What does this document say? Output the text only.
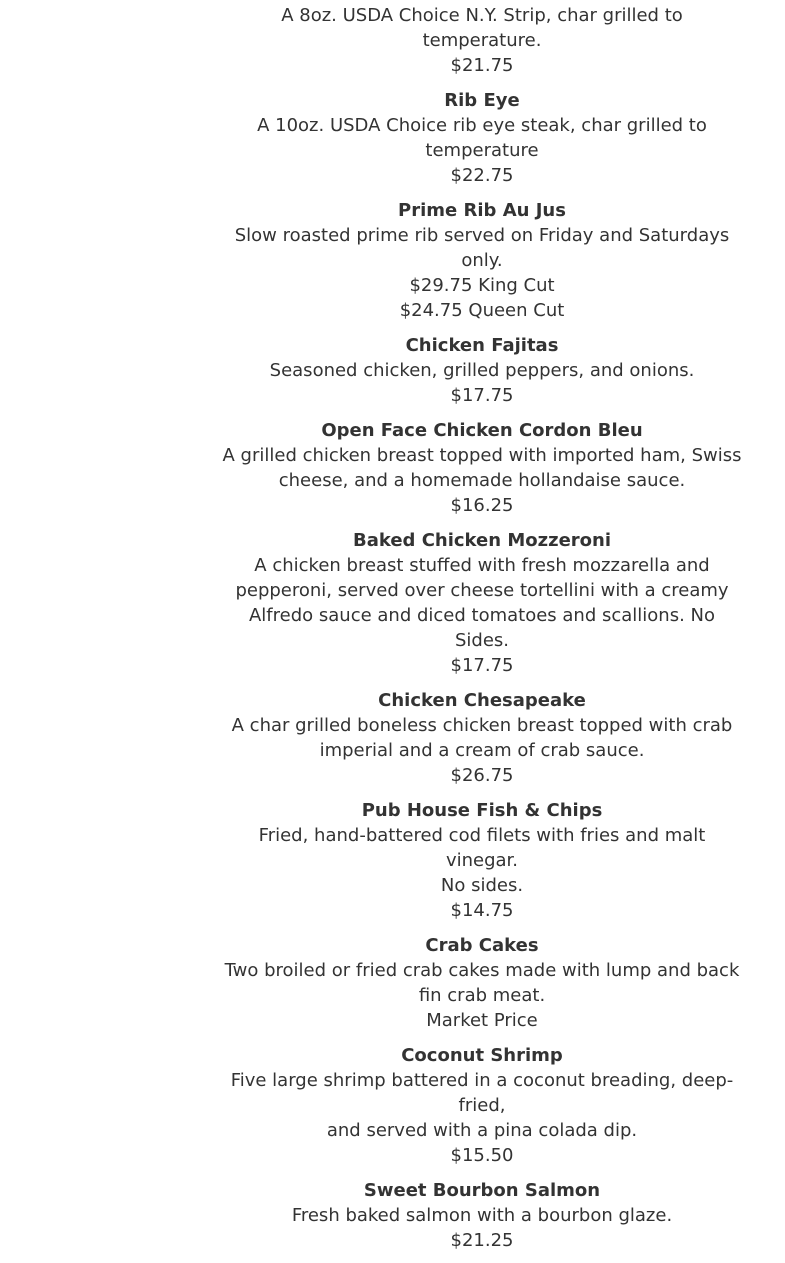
A 8oz. USDA Choice N.Y. Strip, char grilled to temperature.
$21.75
Rib Eye
A 10oz. USDA Choice rib eye steak, char grilled to
temperature
$22.75
Prime Rib Au Jus
Slow roasted prime rib served on Friday and Saturdays only.
$29.75 King Cut
$24.75 Queen Cut
Chicken Fajitas
Seasoned chicken, grilled peppers, and onions.
$17.75
Open Face Chicken Cordon Bleu
A grilled chicken breast topped with imported ham, Swiss
cheese, and a homemade hollandaise sauce.
$16.25
Baked Chicken Mozzeroni
A chicken breast stuffed with fresh mozzarella and
pepperoni, served over cheese tortellini with a creamy
Alfredo sauce and diced tomatoes and scallions. No Sides.
$17.75
Chicken Chesapeake
A char grilled boneless chicken breast topped with crab
imperial and a cream of crab sauce.
$26.75
Pub House Fish & Chips
Fried, hand-battered cod filets with fries and malt vinegar.
No sides.
$14.75
Crab Cakes
Two broiled or fried crab cakes made with lump and back
fin crab meat.
Market Price
Coconut Shrimp
Five large shrimp battered in a coconut breading, deep-fried,
and served with a pina colada dip.
$15.50
Sweet Bourbon Salmon
Fresh baked salmon with a bourbon glaze.
$21.25
